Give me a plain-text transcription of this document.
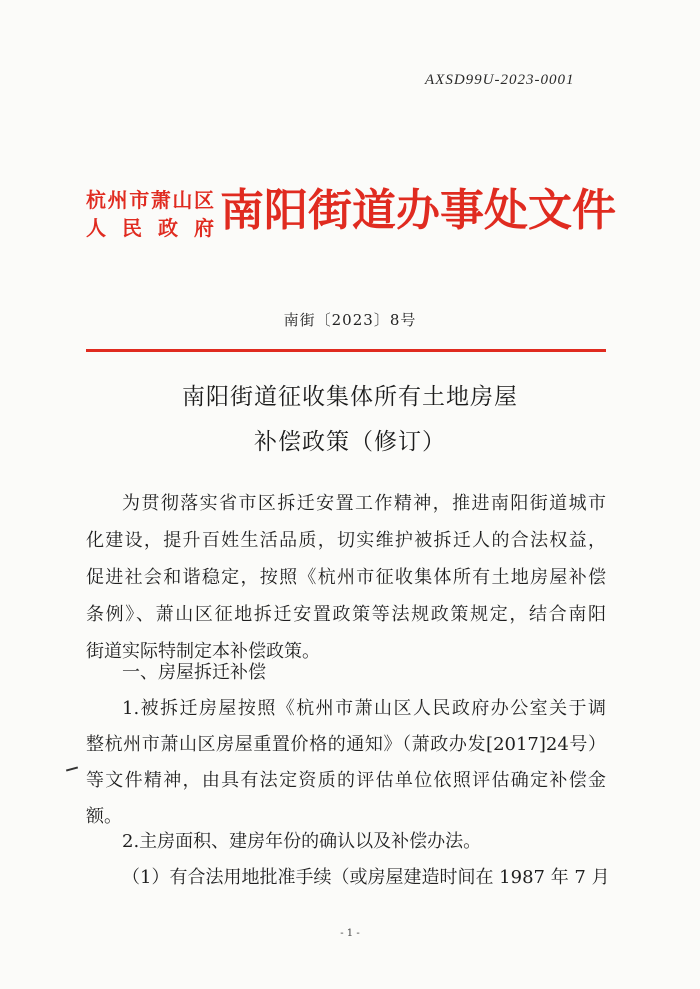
AXSD99U-2023-0001
杭州市萧山区
人民政府 南阳街道办事处文件
南街〔2023〕8号
南阳街道征收集体所有土地房屋
补偿政策（修订）
为贯彻落实省市区拆迁安置工作精神，推进南阳街道城市
化建设，提升百姓生活品质，切实维护被拆迁人的合法权益，
促进社会和谐稳定，按照《杭州市征收集体所有土地房屋补偿
条例》、萧山区征地拆迁安置政策等法规政策规定，结合南阳
街道实际特制定本补偿政策。
一、房屋拆迁补偿
1.被拆迁房屋按照《杭州市萧山区人民政府办公室关于调
整杭州市萧山区房屋重置价格的通知》（萧政办发[2017]24号）
等文件精神，由具有法定资质的评估单位依照评估确定补偿金
额。
2.主房面积、建房年份的确认以及补偿办法。
（1）有合法用地批准手续（或房屋建造时间在 1987 年 7 月
- 1 -
